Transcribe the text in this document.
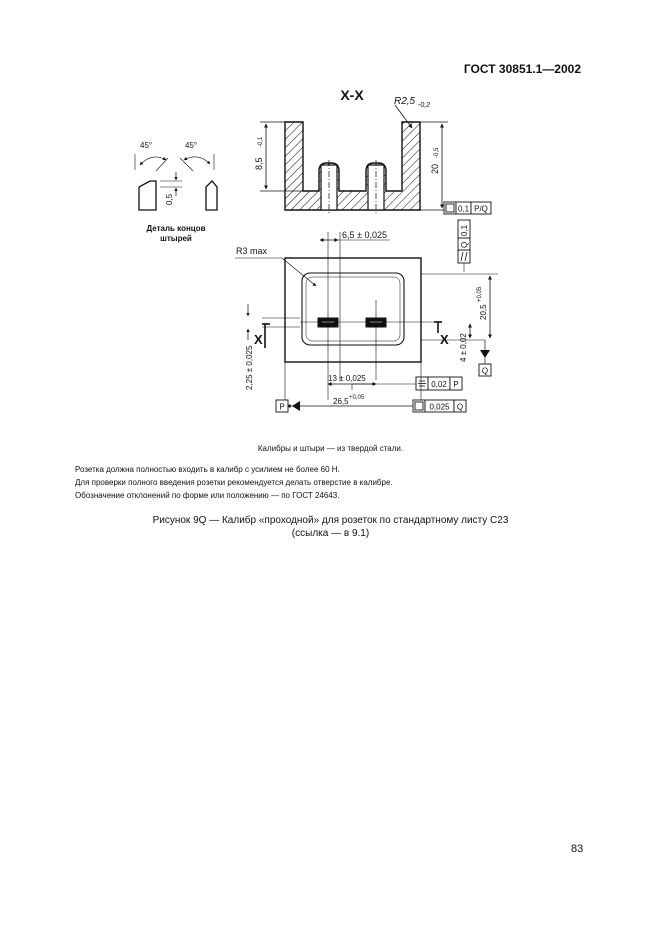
ГОСТ 30851.1—2002
Х-Х	R2,5 -0,2
8,5
-0,1
20
-0,5
0,1 P/Q
45°	45°
0,5
Деталь концов
штырей
R3 max
6,5 ± 0,025	0,1
Q
20,5
+0,05
4 ± 0,02
Q
X	X
2,25 ± 0,025	13 ± 0,025
0,02 P
26,5 +0,05
P	0,025 Q
Калибры и штыри — из твердой стали.
Розетка должна полностью входить в калибр с усилием не более 60 Н.
Для проверки полного введения розетки рекомендуется делать отверстие в калибре.
Обозначение отклонений по форме или положению — по ГОСТ 24643.
Рисунок 9Q — Калибр «проходной» для розеток по стандартному листу С23
(ссылка — в 9.1)
83
